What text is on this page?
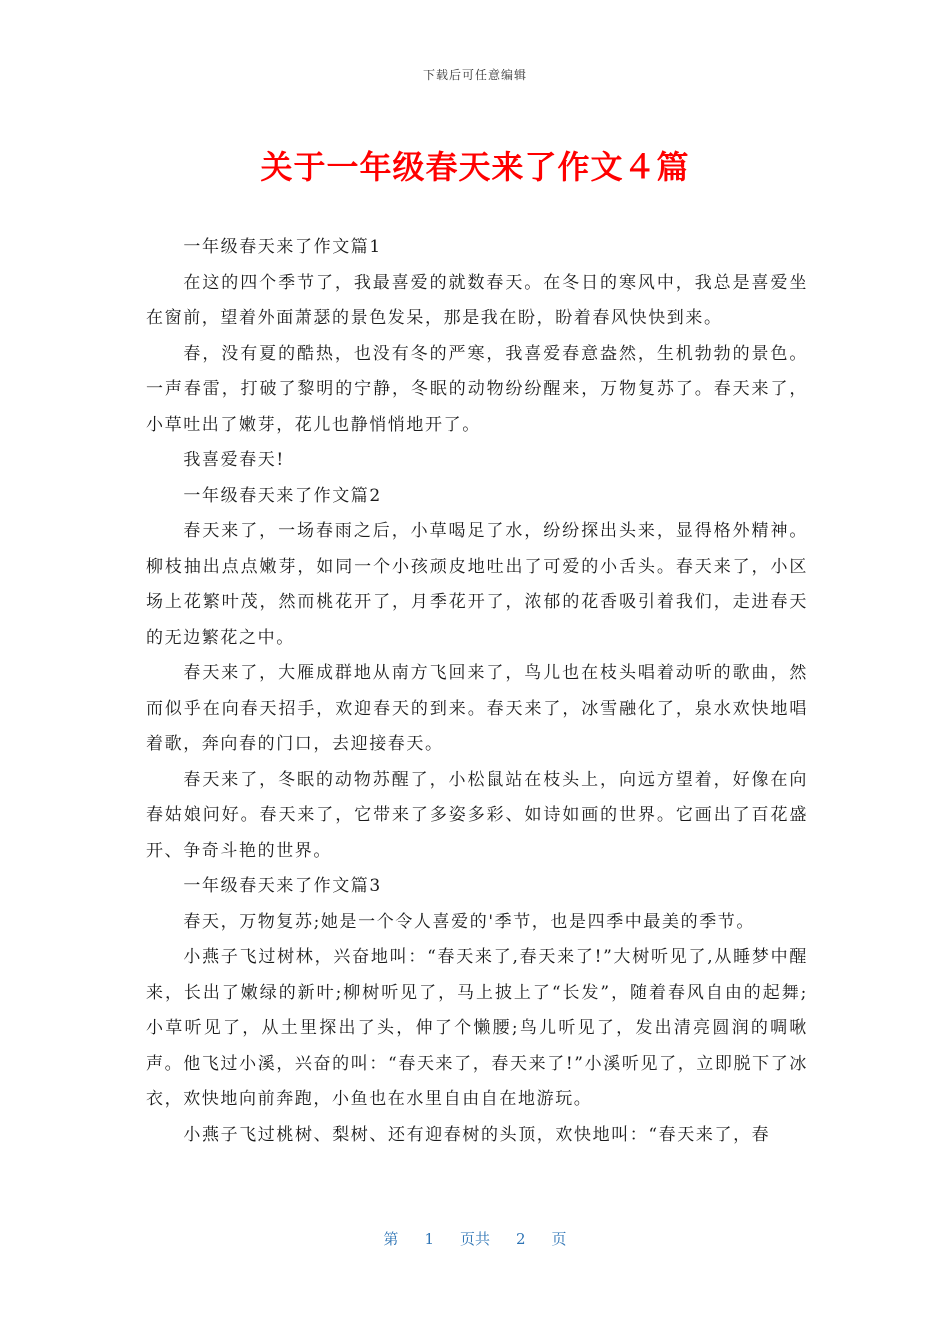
下载后可任意编辑
关于一年级春天来了作文４篇

一年级春天来了作文篇1

在这的四个季节了，我最喜爱的就数春天。在冬日的寒风中，我总是喜爱坐在窗前，望着外面萧瑟的景色发呆，那是我在盼，盼着春风快快到来。

春，没有夏的酷热，也没有冬的严寒，我喜爱春意盎然，生机勃勃的景色。一声春雷，打破了黎明的宁静，冬眠的动物纷纷醒来，万物复苏了。春天来了，小草吐出了嫩芽，花儿也静悄悄地开了。

我喜爱春天!

一年级春天来了作文篇2

春天来了，一场春雨之后，小草喝足了水，纷纷探出头来，显得格外精神。柳枝抽出点点嫩芽，如同一个小孩顽皮地吐出了可爱的小舌头。春天来了，小区场上花繁叶茂，然而桃花开了，月季花开了，浓郁的花香吸引着我们，走进春天的无边繁花之中。

春天来了，大雁成群地从南方飞回来了，鸟儿也在枝头唱着动听的歌曲，然而似乎在向春天招手，欢迎春天的到来。春天来了，冰雪融化了，泉水欢快地唱着歌，奔向春的门口，去迎接春天。

春天来了，冬眠的动物苏醒了，小松鼠站在枝头上，向远方望着，好像在向春姑娘问好。春天来了，它带来了多姿多彩、如诗如画的世界。它画出了百花盛开、争奇斗艳的世界。

一年级春天来了作文篇3

春天，万物复苏;她是一个令人喜爱的'季节，也是四季中最美的季节。

小燕子飞过树林，兴奋地叫：“春天来了,春天来了!”大树听见了,从睡梦中醒来，长出了嫩绿的新叶;柳树听见了，马上披上了“长发”，随着春风自由的起舞;小草听见了，从土里探出了头，伸了个懒腰;鸟儿听见了，发出清亮圆润的啁啾声。他飞过小溪，兴奋的叫：“春天来了，春天来了!”小溪听见了，立即脱下了冰衣，欢快地向前奔跑，小鱼也在水里自由自在地游玩。

小燕子飞过桃树、梨树、还有迎春树的头顶，欢快地叫：“春天来了，春

第 1 页共 2 页
